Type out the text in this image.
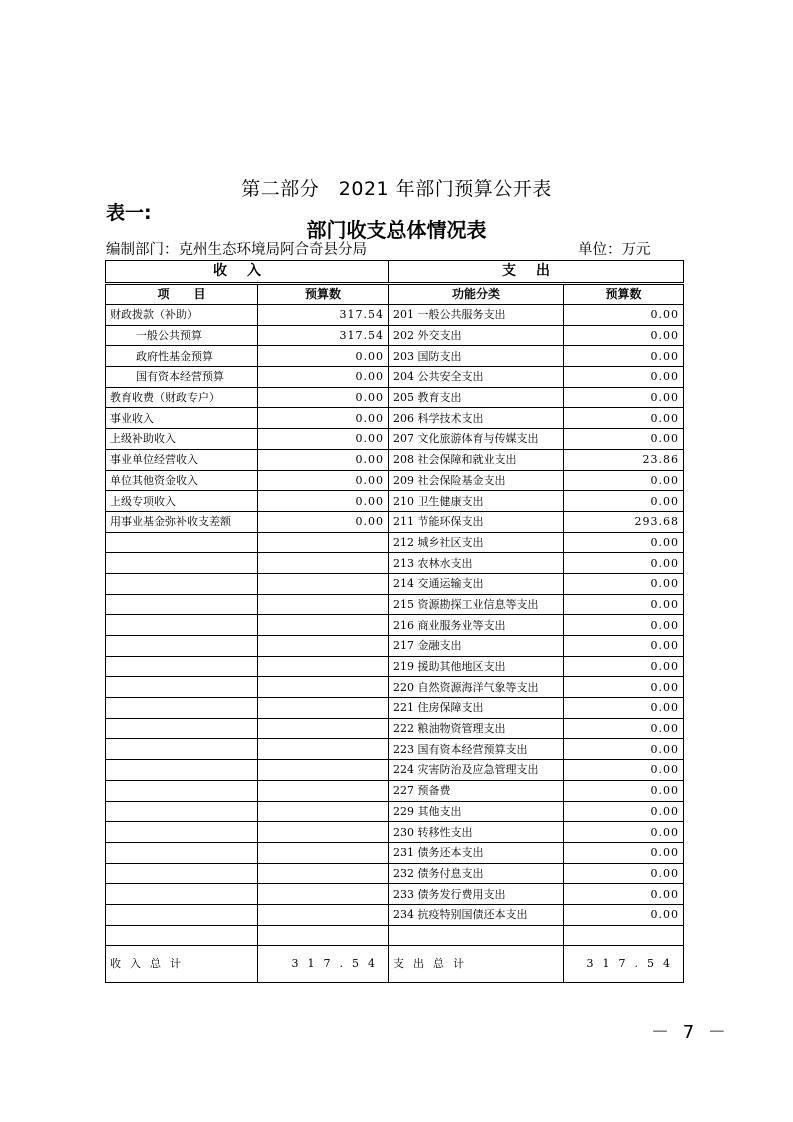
第二部分　2021 年部门预算公开表
表一:
部门收支总体情况表
编制部门：克州生态环境局阿合奇县分局	单位：万元
收入		支出	
项　　目	预算数	功能分类	预算数
财政拨款（补助）	317.54	201 一般公共服务支出	0.00
一般公共预算	317.54	202 外交支出	0.00
政府性基金预算	0.00	203 国防支出	0.00
国有资本经营预算	0.00	204 公共安全支出	0.00
教育收费（财政专户）	0.00	205 教育支出	0.00
事业收入	0.00	206 科学技术支出	0.00
上级补助收入	0.00	207 文化旅游体育与传媒支出	0.00
事业单位经营收入	0.00	208 社会保障和就业支出	23.86
单位其他资金收入	0.00	209 社会保险基金支出	0.00
上级专项收入	0.00	210 卫生健康支出	0.00
用事业基金弥补收支差额	0.00	211 节能环保支出	293.68
		212 城乡社区支出	0.00
		213 农林水支出	0.00
		214 交通运输支出	0.00
		215 资源勘探工业信息等支出	0.00
		216 商业服务业等支出	0.00
		217 金融支出	0.00
		219 援助其他地区支出	0.00
		220 自然资源海洋气象等支出	0.00
		221 住房保障支出	0.00
		222 粮油物资管理支出	0.00
		223 国有资本经营预算支出	0.00
		224 灾害防治及应急管理支出	0.00
		227 预备费	0.00
		229 其他支出	0.00
		230 转移性支出	0.00
		231 债务还本支出	0.00
		232 债务付息支出	0.00
		233 债务发行费用支出	0.00
		234 抗疫特别国债还本支出	0.00

收入总计	317.54	支出总计	317.54
－ 7 －
